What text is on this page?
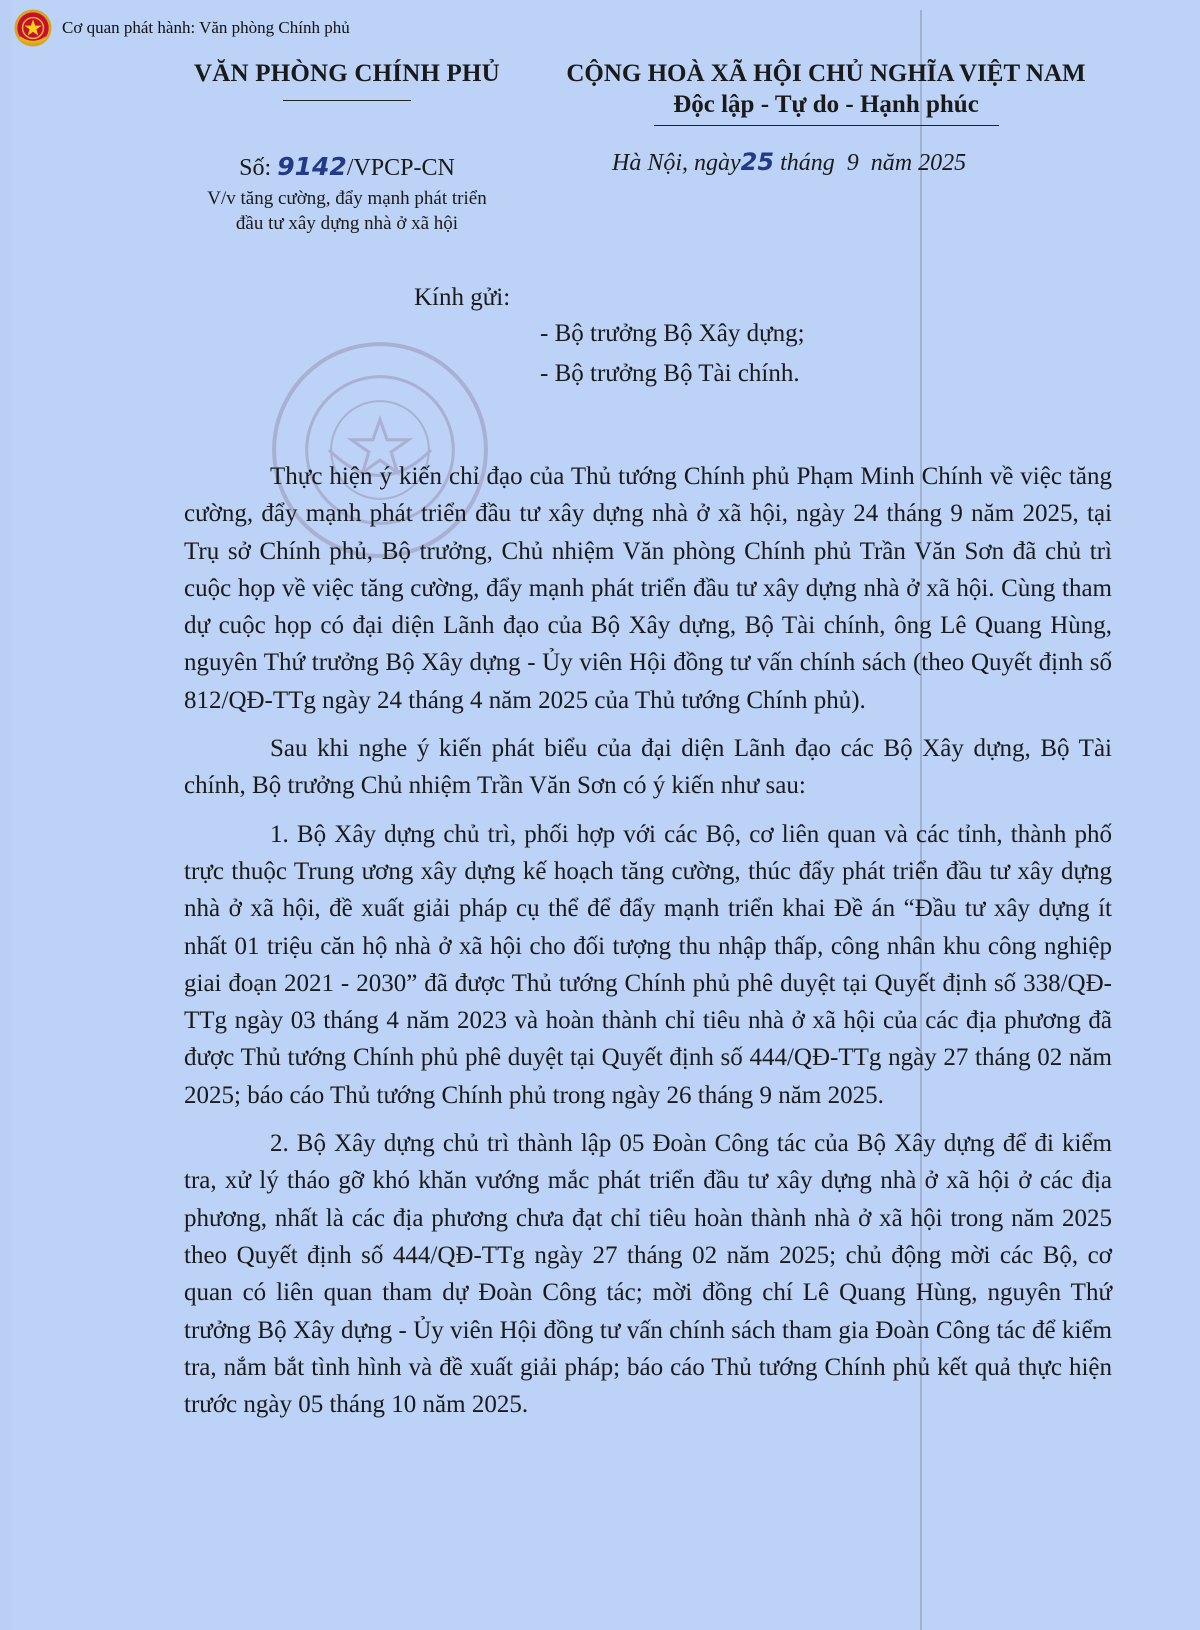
Cơ quan phát hành: Văn phòng Chính phủ
VĂN PHÒNG CHÍNH PHỦ	CỘNG HOÀ XÃ HỘI CHỦ NGHĨA VIỆT NAM
Độc lập - Tự do - Hạnh phúc
Số: 9142/VPCP-CN
V/v tăng cường, đẩy mạnh phát triển
đầu tư xây dựng nhà ở xã hội
Hà Nội, ngày25 tháng  9  năm 2025
Kính gửi:
- Bộ trưởng Bộ Xây dựng;
- Bộ trưởng Bộ Tài chính.

Thực hiện ý kiến chỉ đạo của Thủ tướng Chính phủ Phạm Minh Chính về việc tăng cường, đẩy mạnh phát triển đầu tư xây dựng nhà ở xã hội, ngày 24 tháng 9 năm 2025, tại Trụ sở Chính phủ, Bộ trưởng, Chủ nhiệm Văn phòng Chính phủ Trần Văn Sơn đã chủ trì cuộc họp về việc tăng cường, đẩy mạnh phát triển đầu tư xây dựng nhà ở xã hội. Cùng tham dự cuộc họp có đại diện Lãnh đạo của Bộ Xây dựng, Bộ Tài chính, ông Lê Quang Hùng, nguyên Thứ trưởng Bộ Xây dựng - Ủy viên Hội đồng tư vấn chính sách (theo Quyết định số 812/QĐ-TTg ngày 24 tháng 4 năm 2025 của Thủ tướng Chính phủ).

Sau khi nghe ý kiến phát biểu của đại diện Lãnh đạo các Bộ Xây dựng, Bộ Tài chính, Bộ trưởng Chủ nhiệm Trần Văn Sơn có ý kiến như sau:

1. Bộ Xây dựng chủ trì, phối hợp với các Bộ, cơ liên quan và các tỉnh, thành phố trực thuộc Trung ương xây dựng kế hoạch tăng cường, thúc đẩy phát triển đầu tư xây dựng nhà ở xã hội, đề xuất giải pháp cụ thể để đẩy mạnh triển khai Đề án “Đầu tư xây dựng ít nhất 01 triệu căn hộ nhà ở xã hội cho đối tượng thu nhập thấp, công nhân khu công nghiệp giai đoạn 2021 - 2030” đã được Thủ tướng Chính phủ phê duyệt tại Quyết định số 338/QĐ-TTg ngày 03 tháng 4 năm 2023 và hoàn thành chỉ tiêu nhà ở xã hội của các địa phương đã được Thủ tướng Chính phủ phê duyệt tại Quyết định số 444/QĐ-TTg ngày 27 tháng 02 năm 2025; báo cáo Thủ tướng Chính phủ trong ngày 26 tháng 9 năm 2025.

2. Bộ Xây dựng chủ trì thành lập 05 Đoàn Công tác của Bộ Xây dựng để đi kiểm tra, xử lý tháo gỡ khó khăn vướng mắc phát triển đầu tư xây dựng nhà ở xã hội ở các địa phương, nhất là các địa phương chưa đạt chỉ tiêu hoàn thành nhà ở xã hội trong năm 2025 theo Quyết định số 444/QĐ-TTg ngày 27 tháng 02 năm 2025; chủ động mời các Bộ, cơ quan có liên quan tham dự Đoàn Công tác; mời đồng chí Lê Quang Hùng, nguyên Thứ trưởng Bộ Xây dựng - Ủy viên Hội đồng tư vấn chính sách tham gia Đoàn Công tác để kiểm tra, nắm bắt tình hình và đề xuất giải pháp; báo cáo Thủ tướng Chính phủ kết quả thực hiện trước ngày 05 tháng 10 năm 2025.
